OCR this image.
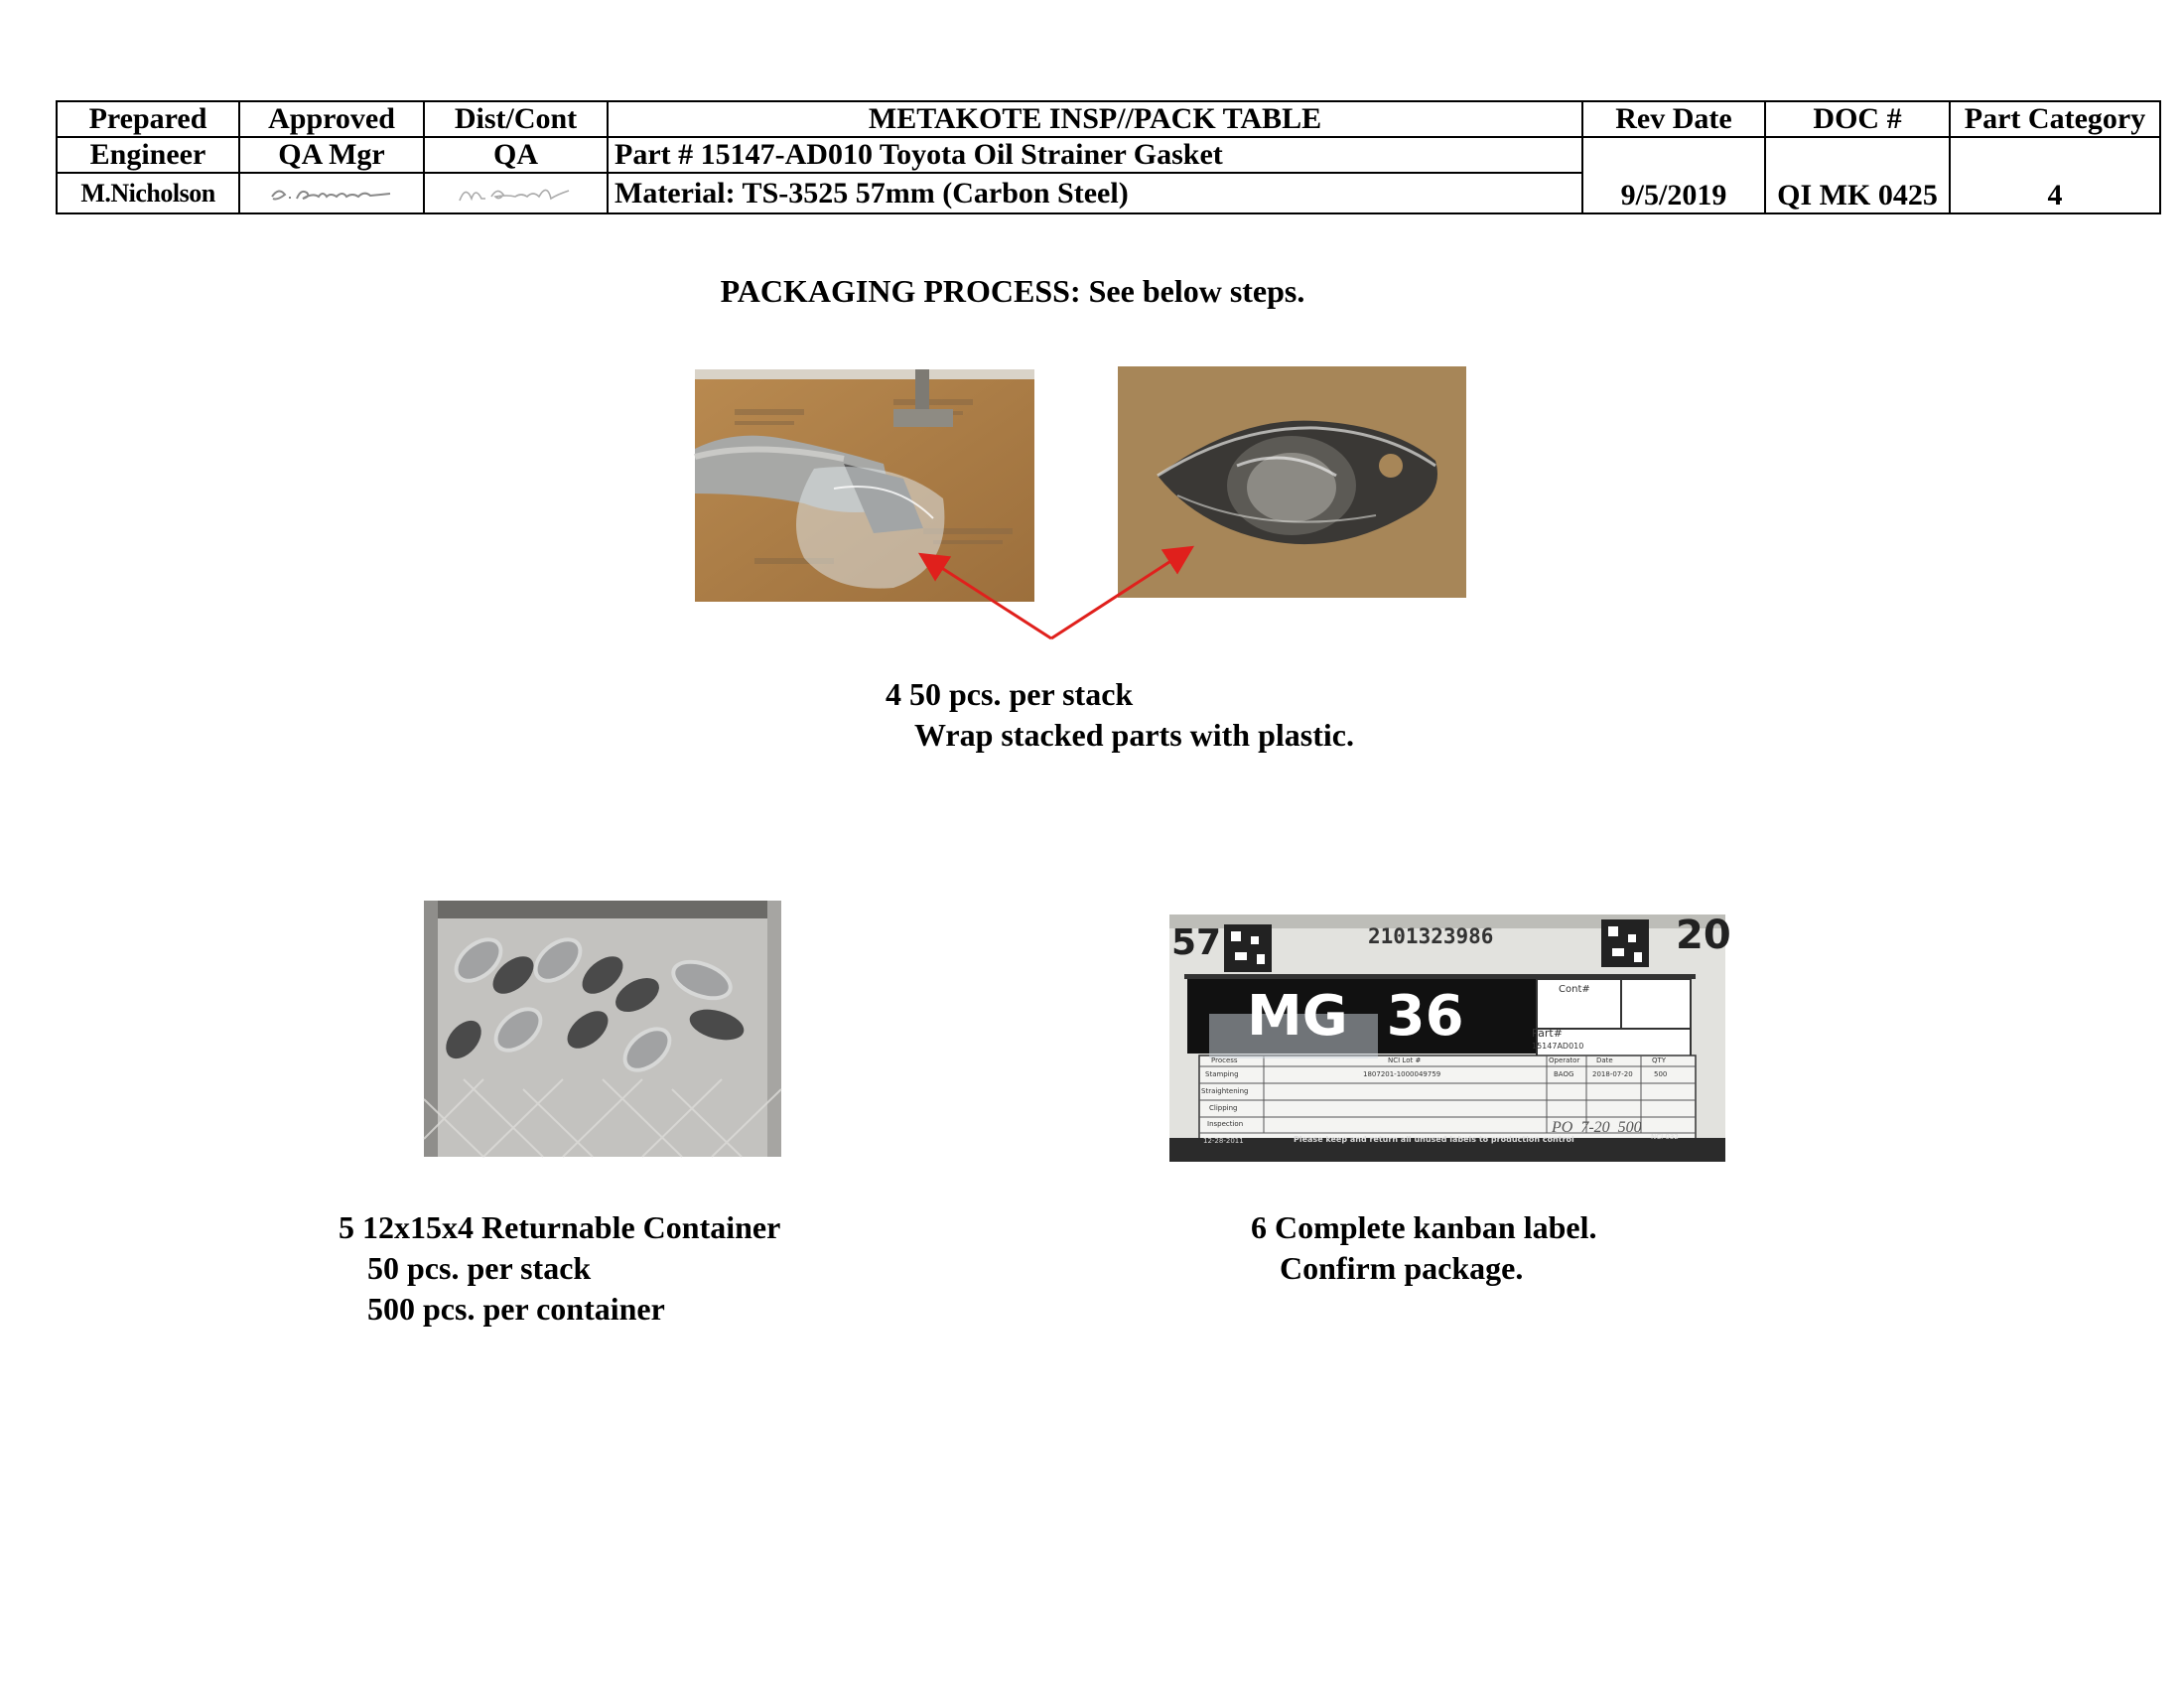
Prepared	Approved	Dist/Cont	METAKOTE INSP//PACK TABLE	Rev Date	DOC #	Part Category
Engineer	QA Mgr	QA	Part # 15147-AD010 Toyota Oil Strainer Gasket	9/5/2019	QI MK 0425	4
M.Nicholson			Material: TS-3525 57mm (Carbon Steel)			
PACKAGING PROCESS: See below steps.
4 50 pcs. per stack
Wrap stacked parts with plastic.
57	20
2101323986
MG  36	Cont#
Part#
15147AD010
Process	NCI Lot #	Operator Date	QTY
Stamping	1807201-1000049759	BAOG	2018-07-20	500
Straightening
Clipping
Inspection	PO  7-20  500
12-28-2011	Please keep and return all unused labels to production control	NCI 032
5 12x15x4 Returnable Container
50 pcs. per stack
500 pcs. per container
6 Complete kanban label.
Confirm package.
